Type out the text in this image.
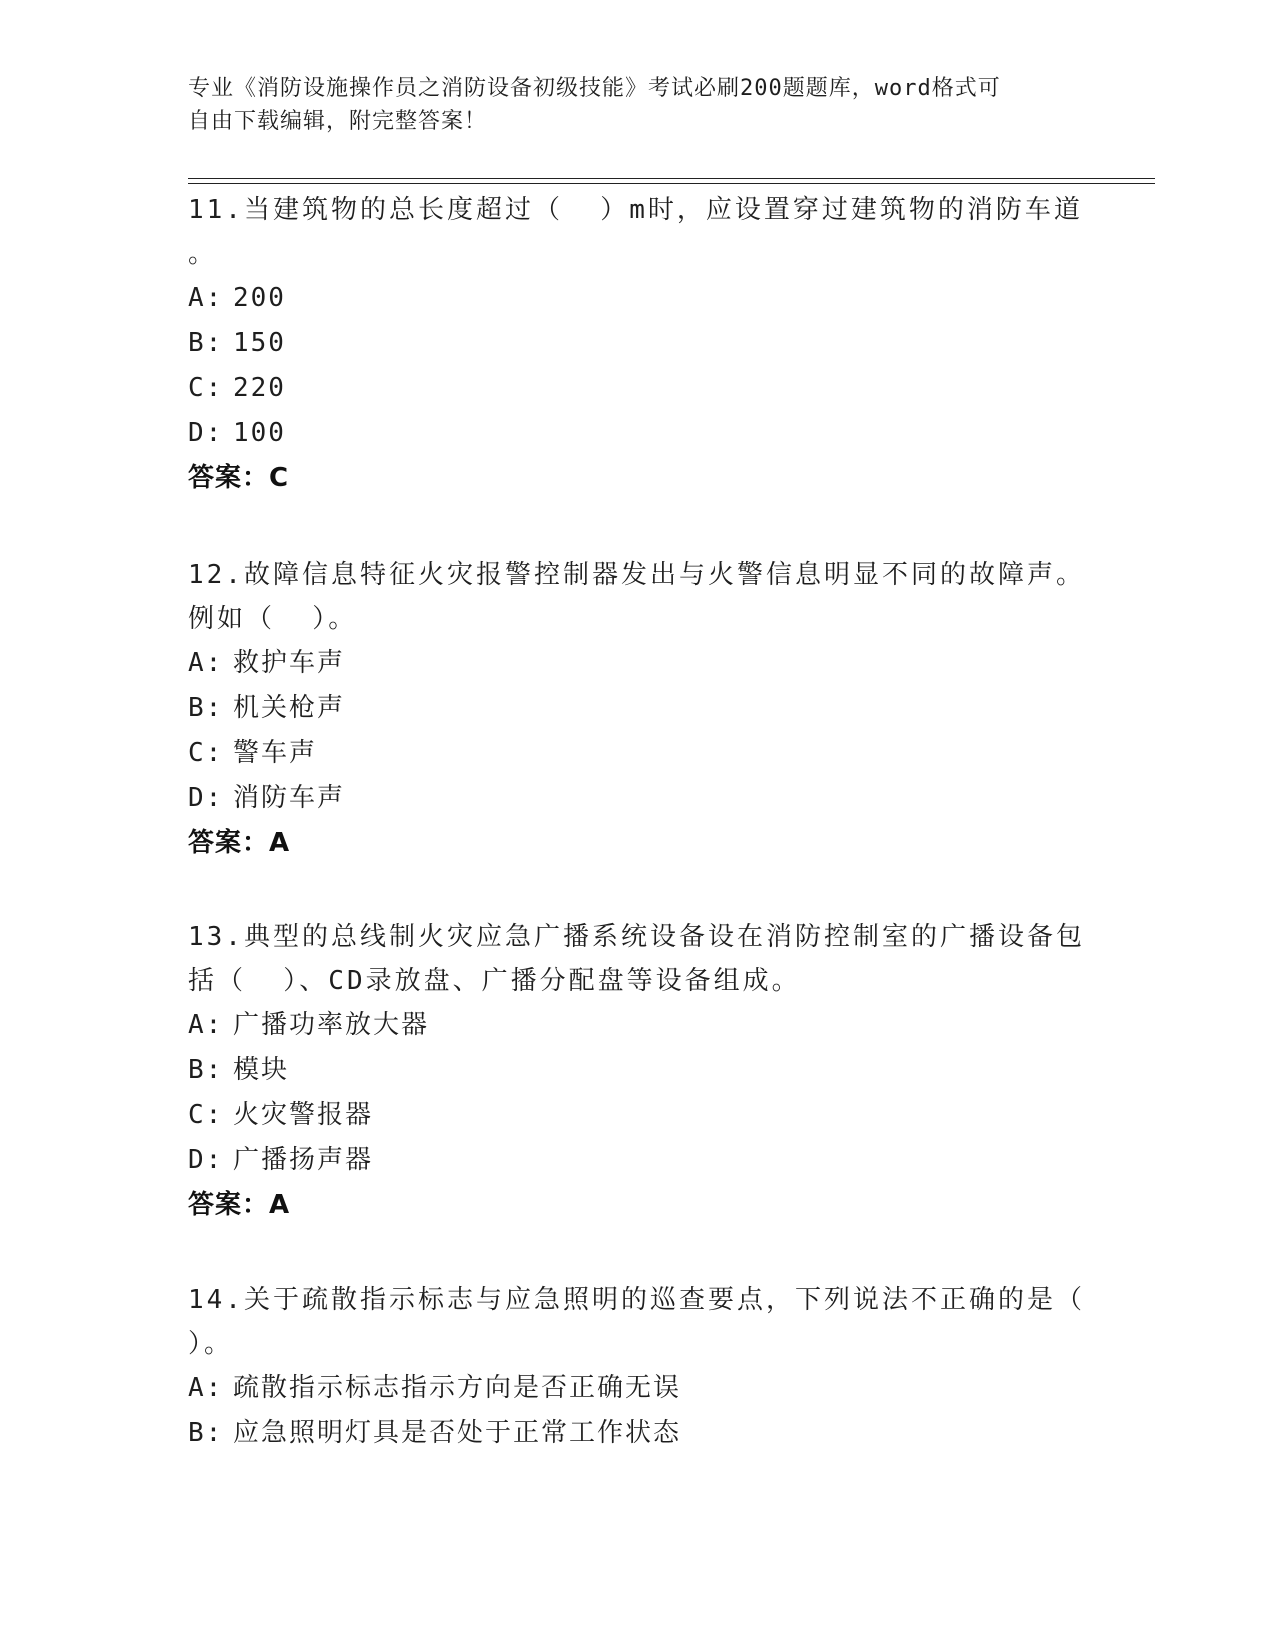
专业《消防设施操作员之消防设备初级技能》考试必刷200题题库，word格式可
自由下载编辑，附完整答案！

11.当建筑物的总长度超过（  ）m时，应设置穿过建筑物的消防车道

。

A: 200

B: 150

C: 220

D: 100

答案：C

12.故障信息特征火灾报警控制器发出与火警信息明显不同的故障声。

例如（  ）。

A: 救护车声

B: 机关枪声

C: 警车声

D: 消防车声

答案：A

13.典型的总线制火灾应急广播系统设备设在消防控制室的广播设备包

括（  ）、CD录放盘、广播分配盘等设备组成。

A: 广播功率放大器

B: 模块

C: 火灾警报器

D: 广播扬声器

答案：A

14.关于疏散指示标志与应急照明的巡查要点，下列说法不正确的是（

）。

A: 疏散指示标志指示方向是否正确无误

B: 应急照明灯具是否处于正常工作状态
